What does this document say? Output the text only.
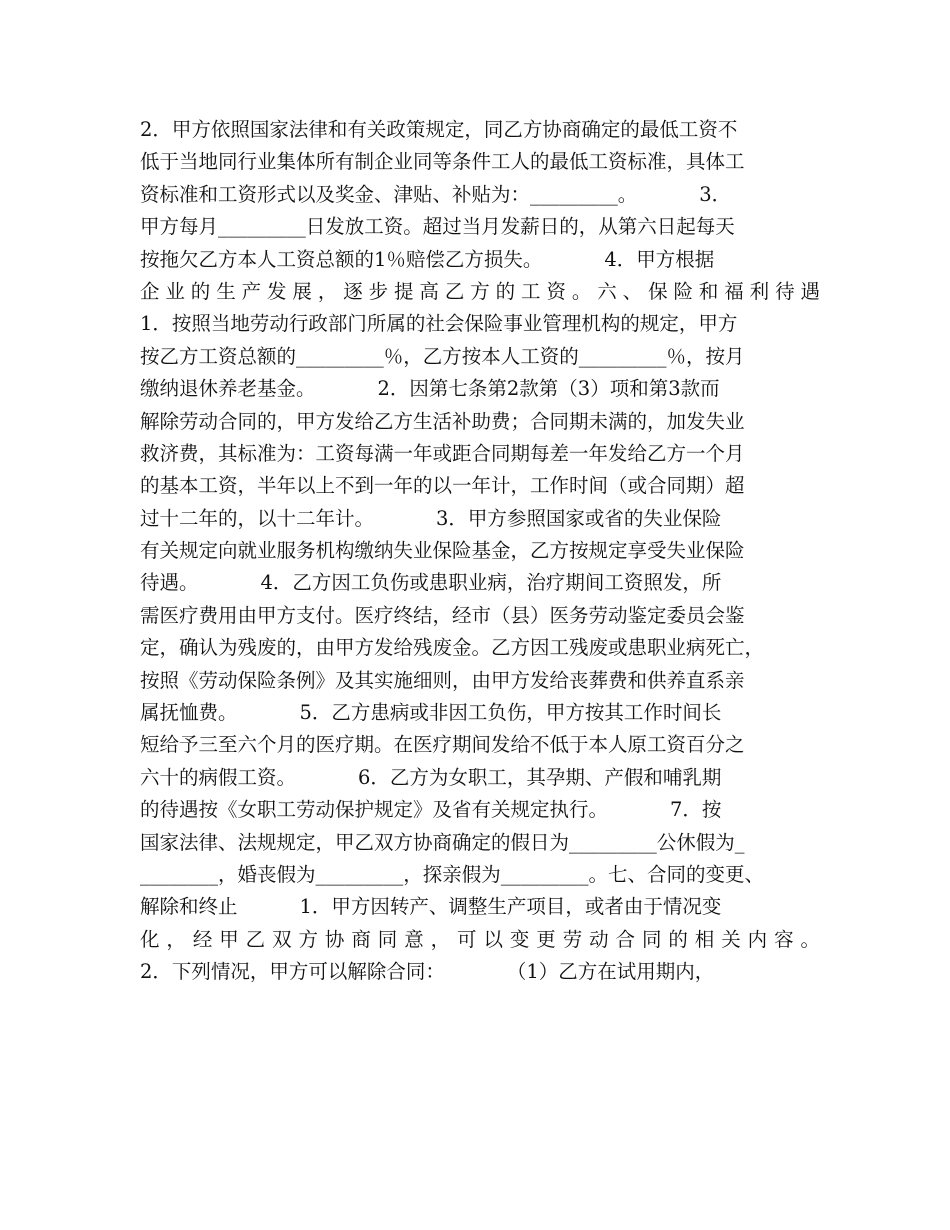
2．甲方依照国家法律和有关政策规定，同乙方协商确定的最低工资不
低于当地同行业集体所有制企业同等条件工人的最低工资标准，具体工
资标准和工资形式以及奖金、津贴、补贴为：_________。          3．
甲方每月_________日发放工资。超过当月发薪日的，从第六日起每天
按拖欠乙方本人工资总额的1％赔偿乙方损失。          4．甲方根据
企业的生产发展，逐步提高乙方的工资。六、保险和福利待遇
1．按照当地劳动行政部门所属的社会保险事业管理机构的规定，甲方
按乙方工资总额的_________％，乙方按本人工资的_________％，按月
缴纳退休养老基金。          2．因第七条第2款第（3）项和第3款而
解除劳动合同的，甲方发给乙方生活补助费；合同期未满的，加发失业
救济费，其标准为：工资每满一年或距合同期每差一年发给乙方一个月
的基本工资，半年以上不到一年的以一年计，工作时间（或合同期）超
过十二年的，以十二年计。          3．甲方参照国家或省的失业保险
有关规定向就业服务机构缴纳失业保险基金，乙方按规定享受失业保险
待遇。          4．乙方因工负伤或患职业病，治疗期间工资照发，所
需医疗费用由甲方支付。医疗终结，经市（县）医务劳动鉴定委员会鉴
定，确认为残废的，由甲方发给残废金。乙方因工残废或患职业病死亡，
按照《劳动保险条例》及其实施细则，由甲方发给丧葬费和供养直系亲
属抚恤费。          5．乙方患病或非因工负伤，甲方按其工作时间长
短给予三至六个月的医疗期。在医疗期间发给不低于本人原工资百分之
六十的病假工资。          6．乙方为女职工，其孕期、产假和哺乳期
的待遇按《女职工劳动保护规定》及省有关规定执行。          7．按
国家法律、法规规定，甲乙双方协商确定的假日为_________公休假为_
________，婚丧假为_________，探亲假为_________。七、合同的变更、
解除和终止          1．甲方因转产、调整生产项目，或者由于情况变
化，经甲乙双方协商同意，可以变更劳动合同的相关内容。
2．下列情况，甲方可以解除合同：          （1）乙方在试用期内，
